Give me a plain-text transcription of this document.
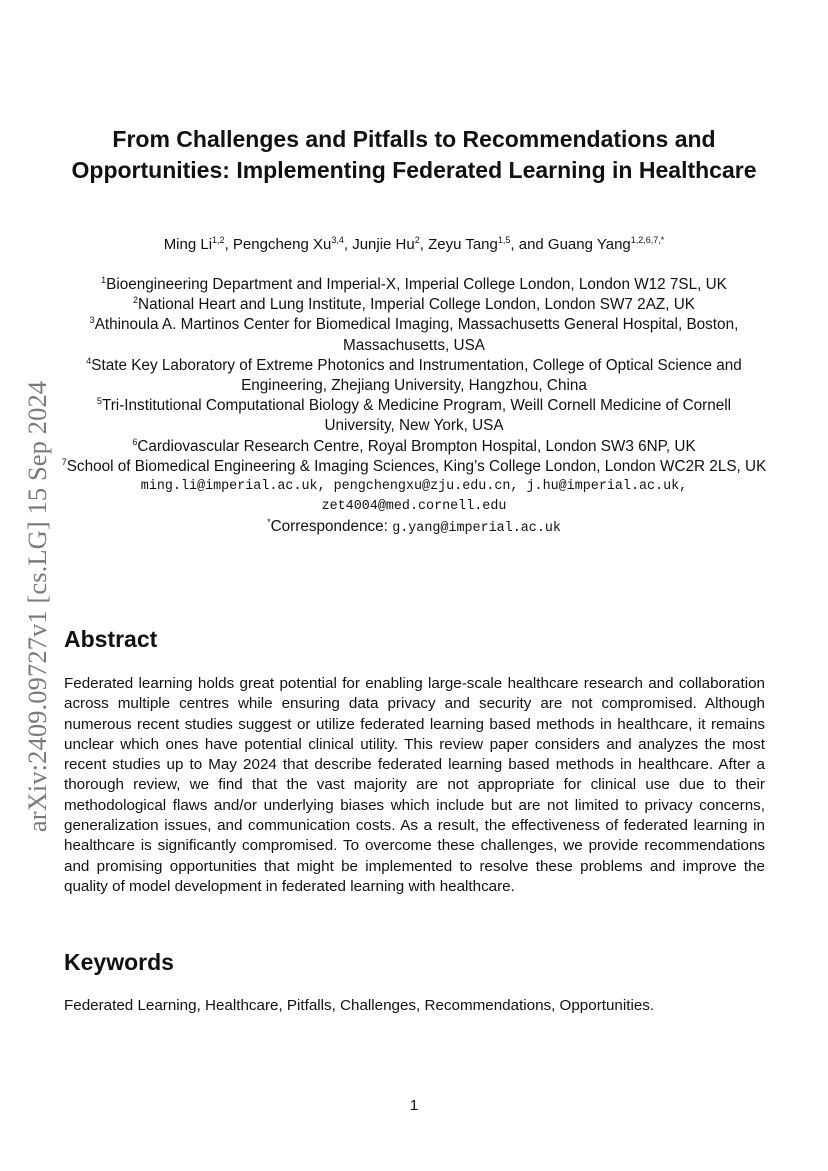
arXiv:2409.09727v1 [cs.LG] 15 Sep 2024
From Challenges and Pitfalls to Recommendations and Opportunities: Implementing Federated Learning in Healthcare
Ming Li$^{1,2}$, Pengcheng Xu$^{3,4}$, Junjie Hu$^2$, Zeyu Tang$^{1,5}$, and Guang Yang$^{1,2,6,7,*}$

$^1$Bioengineering Department and Imperial-X, Imperial College London, London W12 7SL, UK

$^2$National Heart and Lung Institute, Imperial College London, London SW7 2AZ, UK

$^3$Athinoula A. Martinos Center for Biomedical Imaging, Massachusetts General Hospital, Boston, Massachusetts, USA

$^4$State Key Laboratory of Extreme Photonics and Instrumentation, College of Optical Science and Engineering, Zhejiang University, Hangzhou, China

$^5$Tri-Institutional Computational Biology & Medicine Program, Weill Cornell Medicine of Cornell University, New York, USA

$^6$Cardiovascular Research Centre, Royal Brompton Hospital, London SW3 6NP, UK

$^7$School of Biomedical Engineering & Imaging Sciences, King’s College London, London WC2R 2LS, UK

ming.li@imperial.ac.uk, pengchengxu@zju.edu.cn, j.hu@imperial.ac.uk, zet4004@med.cornell.edu

*Correspondence: g.yang@imperial.ac.uk

Abstract

Federated learning holds great potential for enabling large-scale healthcare research and collaboration across multiple centres while ensuring data privacy and security are not compromised. Although numerous recent studies suggest or utilize federated learning based methods in healthcare, it remains unclear which ones have potential clinical utility. This review paper considers and analyzes the most recent studies up to May 2024 that describe federated learning based methods in healthcare. After a thorough review, we find that the vast majority are not appropriate for clinical use due to their methodological flaws and/or underlying biases which include but are not limited to privacy concerns, generalization issues, and communication costs. As a result, the effectiveness of federated learning in healthcare is significantly compromised. To overcome these challenges, we provide recommendations and promising opportunities that might be implemented to resolve these problems and improve the quality of model development in federated learning with healthcare.

Keywords

Federated Learning, Healthcare, Pitfalls, Challenges, Recommendations, Opportunities.

1
